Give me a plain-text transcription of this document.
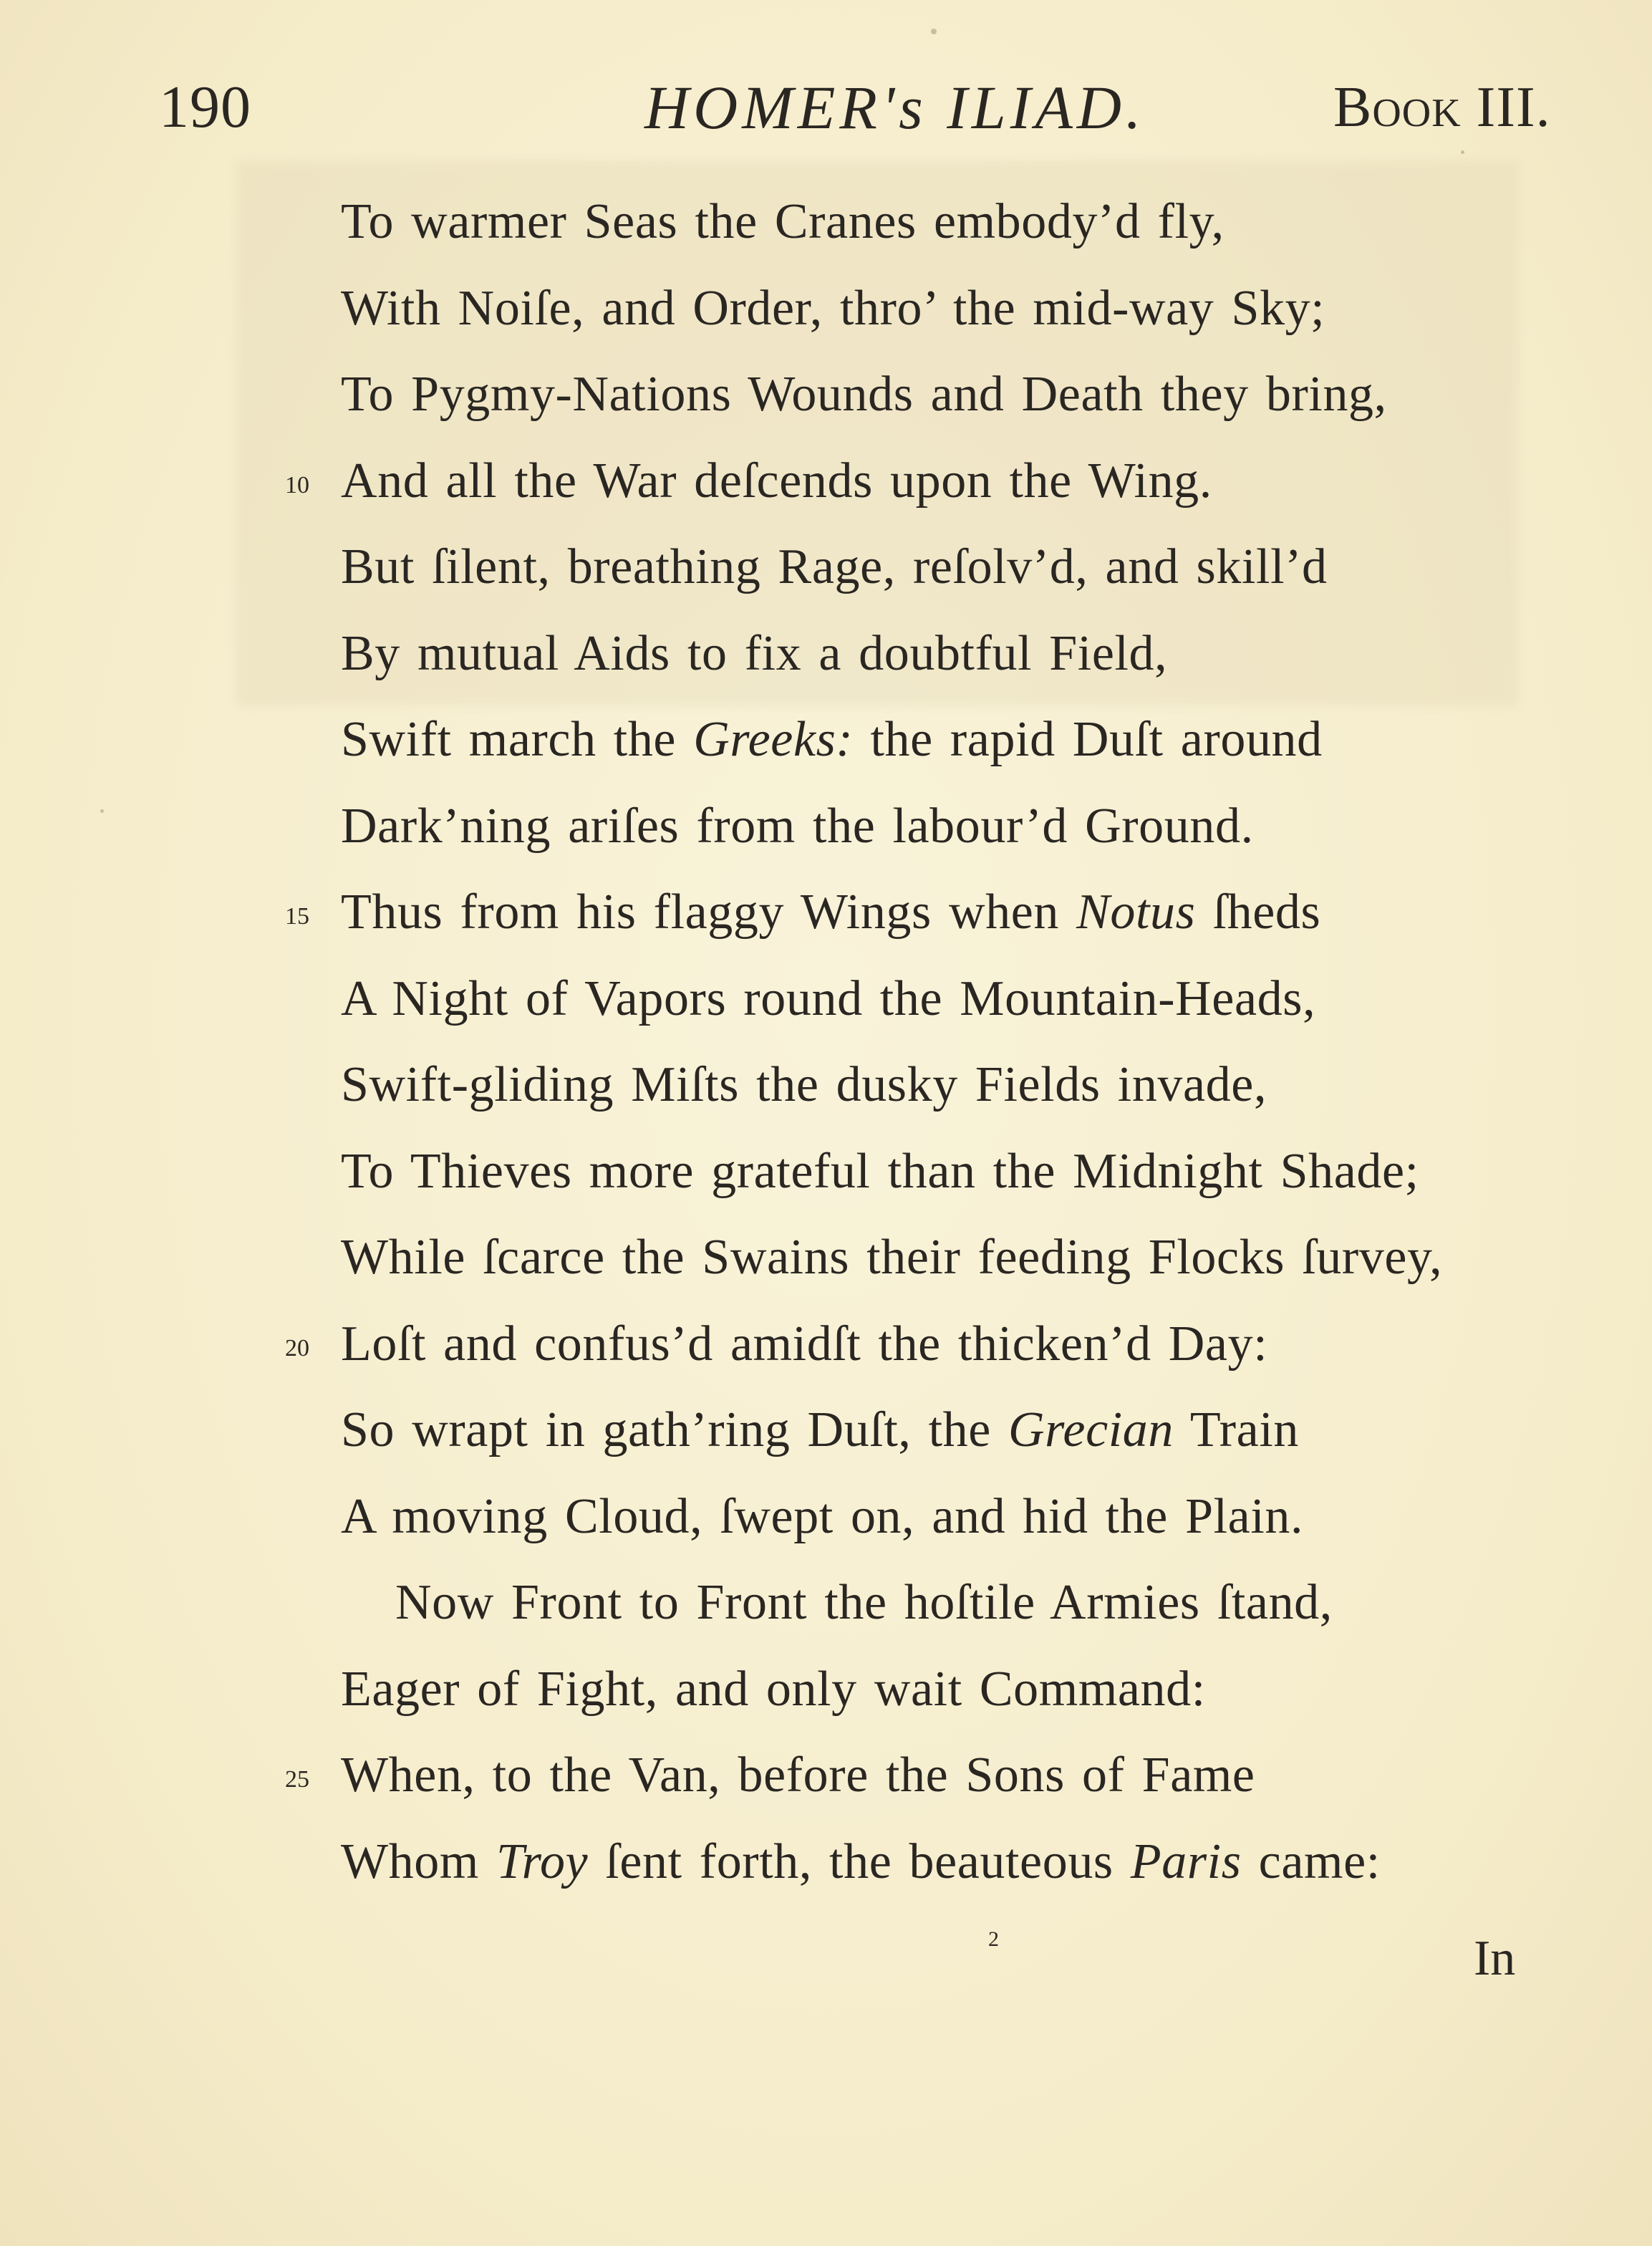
190	HOMER's ILIAD.	Book III.
To warmer Seas the Cranes embody’d fly,
With Noiſe, and Order, thro’ the mid-way Sky;
To Pygmy-Nations Wounds and Death they bring,
10 And all the War deſcends upon the Wing.
But ſilent, breathing Rage, reſolv’d, and skill’d
By mutual Aids to fix a doubtful Field,
Swift march the Greeks: the rapid Duſt around
Dark’ning ariſes from the labour’d Ground.
15 Thus from his flaggy Wings when Notus ſheds
A Night of Vapors round the Mountain-Heads,
Swift-gliding Miſts the dusky Fields invade,
To Thieves more grateful than the Midnight Shade;
While ſcarce the Swains their feeding Flocks ſurvey,
20 Loſt and confus’d amidſt the thicken’d Day:
So wrapt in gath’ring Duſt, the Grecian Train
A moving Cloud, ſwept on, and hid the Plain.
Now Front to Front the hoſtile Armies ſtand,
Eager of Fight, and only wait Command:
25 When, to the Van, before the Sons of Fame
Whom Troy ſent forth, the beauteous Paris came:
2	In
